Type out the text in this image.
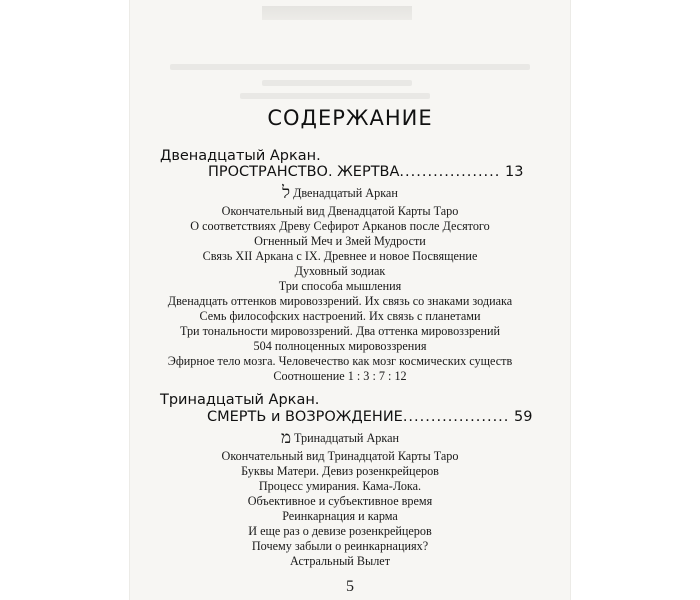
СОДЕРЖАНИЕ
Двенадцатый Аркан.
ПРОСТРАНСТВО. ЖЕРТВА.................. 13
ל Двенадцатый Аркан
Окончательный вид Двенадцатой Карты Таро
О соответствиях Древу Сефирот Арканов после Десятого
Огненный Меч и Змей Мудрости
Связь XII Аркана с IX. Древнее и новое Посвящение
Духовный зодиак
Три способа мышления
Двенадцать оттенков мировоззрений. Их связь со знаками зодиака
Семь философских настроений. Их связь с планетами
Три тональности мировоззрений. Два оттенка мировоззрений
504 полноценных мировоззрения
Эфирное тело мозга. Человечество как мозг космических существ
Соотношение 1 : 3 : 7 : 12
Тринадцатый Аркан.
СМЕРТЬ и ВОЗРОЖДЕНИЕ................... 59
מ Тринадцатый Аркан
Окончательный вид Тринадцатой Карты Таро
Буквы Матери. Девиз розенкрейцеров
Процесс умирания. Кама-Лока.
Объективное и субъективное время
Реинкарнация и карма
И еще раз о девизе розенкрейцеров
Почему забыли о реинкарнациях?
Астральный Вылет
5
